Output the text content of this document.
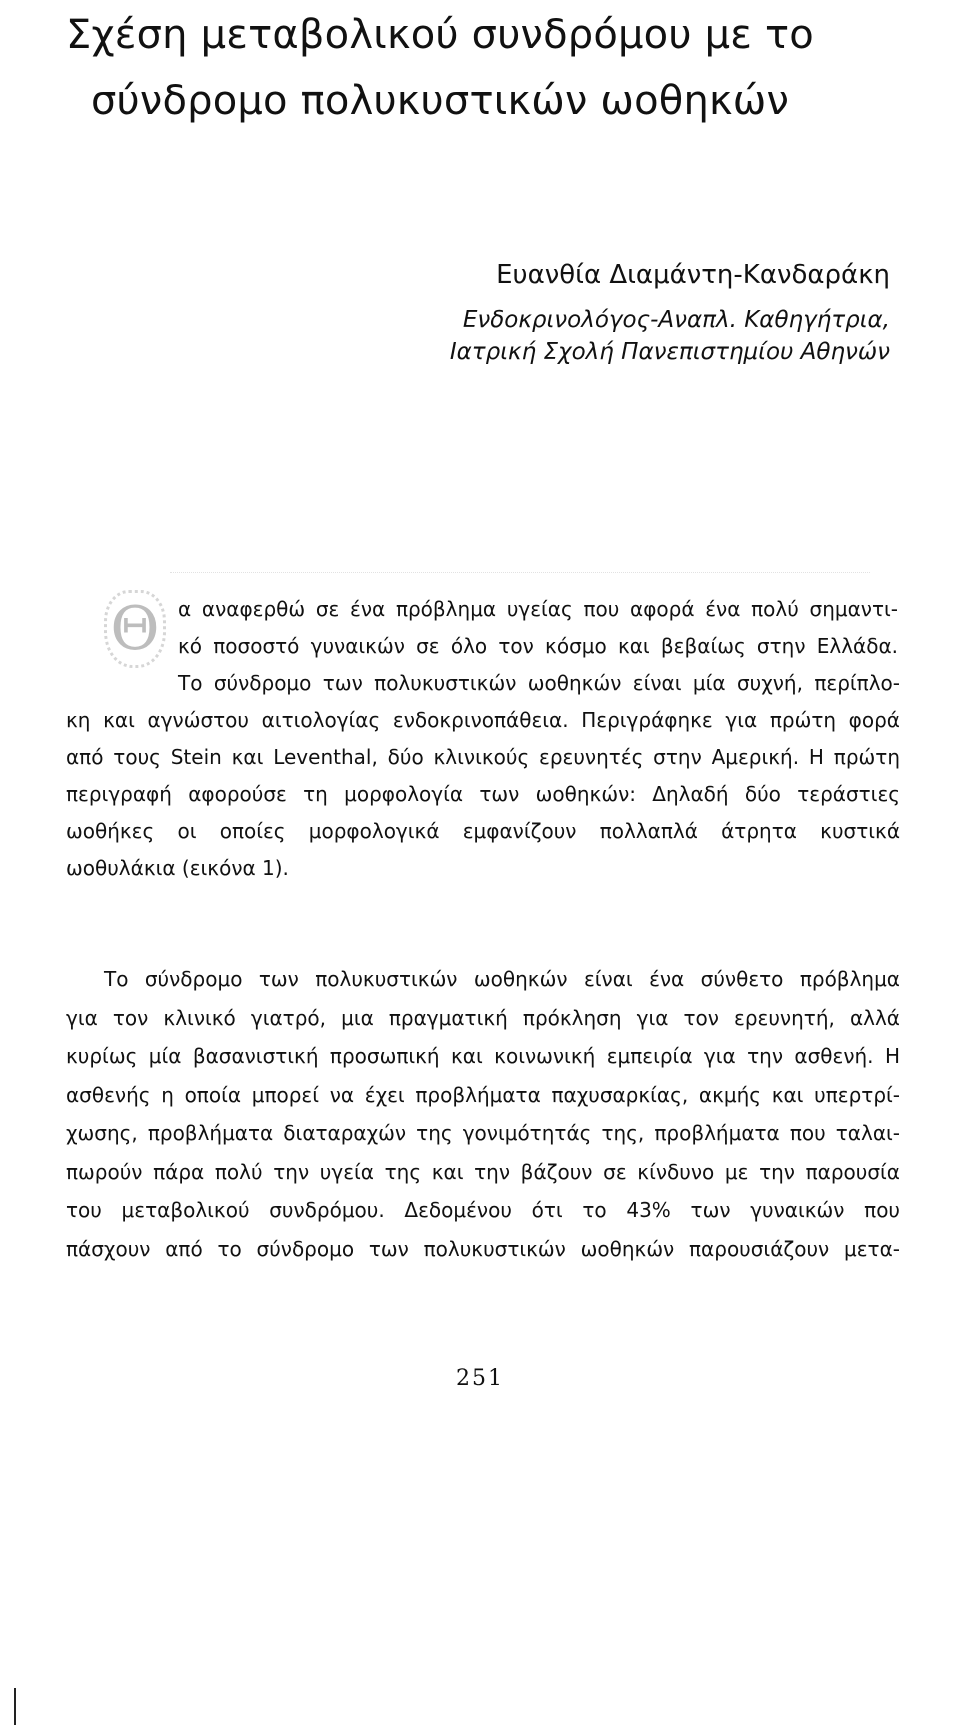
Σχέση μεταβολικού συνδρόμου με το
σύνδρομο πολυκυστικών ωοθηκών
Ευανθία Διαμάντη-Κανδαράκη
Ενδοκρινολόγος-Αναπλ. Καθηγήτρια,
Ιατρική Σχολή Πανεπιστημίου Αθηνών
Θ α αναφερθώ σε ένα πρόβλημα υγείας που αφορά ένα πολύ σημαντι-
κό ποσοστό γυναικών σε όλο τον κόσμο και βεβαίως στην Ελλάδα.
Το σύνδρομο των πολυκυστικών ωοθηκών είναι μία συχνή, περίπλο-
κη και αγνώστου αιτιολογίας ενδοκρινοπάθεια. Περιγράφηκε για πρώτη φορά
από τους Stein και Leventhal, δύο κλινικούς ερευνητές στην Αμερική. Η πρώτη
περιγραφή αφορούσε τη μορφολογία των ωοθηκών: Δηλαδή δύο τεράστιες
ωοθήκες οι οποίες μορφολογικά εμφανίζουν πολλαπλά άτρητα κυστικά
ωοθυλάκια (εικόνα 1).
Το σύνδρομο των πολυκυστικών ωοθηκών είναι ένα σύνθετο πρόβλημα
για τον κλινικό γιατρό, μια πραγματική πρόκληση για τον ερευνητή, αλλά
κυρίως μία βασανιστική προσωπική και κοινωνική εμπειρία για την ασθενή. Η
ασθενής η οποία μπορεί να έχει προβλήματα παχυσαρκίας, ακμής και υπερτρί-
χωσης, προβλήματα διαταραχών της γονιμότητάς της, προβλήματα που ταλαι-
πωρούν πάρα πολύ την υγεία της και την βάζουν σε κίνδυνο με την παρουσία
του μεταβολικού συνδρόμου. Δεδομένου ότι το 43% των γυναικών που
πάσχουν από το σύνδρομο των πολυκυστικών ωοθηκών παρουσιάζουν μετα-
251
